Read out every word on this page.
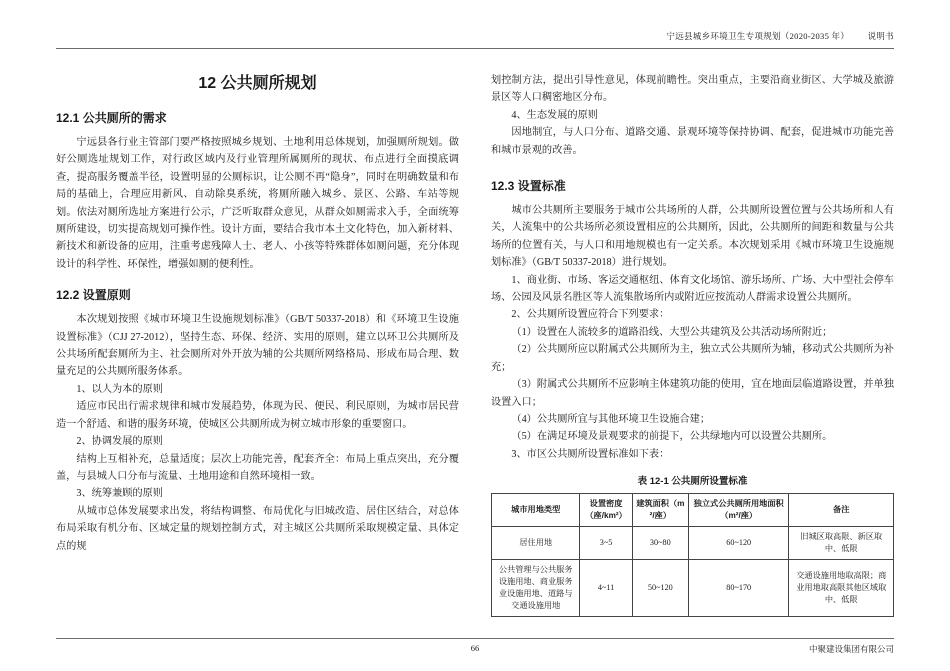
宁远县城乡环境卫生专项规划（2020-2035 年） 说明书
12 公共厕所规划
12.1 公共厕所的需求

宁远县各行业主管部门要严格按照城乡规划、土地利用总体规划，加强厕所规划。做好公厕选址规划工作，对行政区域内及行业管理所属厕所的现状、布点进行全面摸底调查，提高服务覆盖半径，设置明显的公厕标识，让公厕不再“隐身”，同时在明确数量和布局的基础上，合理应用新风、自动除臭系统，将厕所融入城乡、景区、公路、车站等规划。依法对厕所选址方案进行公示，广泛听取群众意见，从群众如厕需求入手，全面统筹厕所建设，切实提高规划可操作性。设计方面，要结合我市本土文化特色，加入新材料、新技术和新设备的应用，注重考虑残障人士、老人、小孩等特殊群体如厕问题，充分体现设计的科学性、环保性，增强如厕的便利性。

12.2 设置原则

本次规划按照《城市环境卫生设施规划标准》（GB/T 50337-2018）和《环境卫生设施设置标准》（CJJ 27-2012），坚持生态、环保、经济、实用的原则，建立以环卫公共厕所及公共场所配套厕所为主、社会厕所对外开放为辅的公共厕所网络格局、形成布局合理、数量充足的公共厕所服务体系。

1、以人为本的原则

适应市民出行需求规律和城市发展趋势，体现为民、便民、利民原则，为城市居民营造一个舒适、和谐的服务环境，使城区公共厕所成为树立城市形象的重要窗口。

2、协调发展的原则

结构上互相补充，总量适度；层次上功能完善，配套齐全：布局上重点突出，充分覆盖，与县城人口分布与流量、土地用途和自然环境相一致。

3、统筹兼顾的原则

从城市总体发展要求出发，将结构调整、布局优化与旧城改造、居住区结合，对总体布局采取有机分布、区域定量的规划控制方式，对主城区公共厕所采取规模定量、具体定点的规

划控制方法，提出引导性意见，体现前瞻性。突出重点，主要沿商业街区、大学城及旅游景区等人口稠密地区分布。

4、生态发展的原则

因地制宜，与人口分布、道路交通、景观环境等保持协调、配套，促进城市功能完善和城市景观的改善。

12.3 设置标准

城市公共厕所主要服务于城市公共场所的人群，公共厕所设置位置与公共场所和人有关，人流集中的公共场所必须设置相应的公共厕所，因此，公共厕所的间距和数量与公共场所的位置有关，与人口和用地规模也有一定关系。本次规划采用《城市环境卫生设施规划标准》（GB/T 50337-2018）进行规划。

1、商业街、市场、客运交通枢纽、体育文化场馆、游乐场所、广场、大中型社会停车场、公园及风景名胜区等人流集散场所内或附近应按流动人群需求设置公共厕所。

2、公共厕所设置应符合下列要求：

（1）设置在人流较多的道路沿线、大型公共建筑及公共活动场所附近；

（2）公共厕所应以附属式公共厕所为主，独立式公共厕所为辅，移动式公共厕所为补充；

（3）附属式公共厕所不应影响主体建筑功能的使用，宜在地面层临道路设置，并单独设置入口；

（4）公共厕所宜与其他环境卫生设施合建；

（5）在满足环境及景观要求的前提下，公共绿地内可以设置公共厕所。

3、市区公共厕所设置标准如下表：

表 12-1 公共厕所设置标准
城市用地类型	设置密度（座/km²）	建筑面积（m²/座）	独立式公共厕所用地面积（m²/座）	备注
居住用地	3~5	30~80	60~120	旧城区取高限、新区取中、低限
公共管理与公共服务设施用地、商业服务业设施用地、道路与交通设施用地	4~11	50~120	80~170	交通设施用地取高限；商业用地取高限其他区域取中、低限
66	中聚建设集团有限公司
